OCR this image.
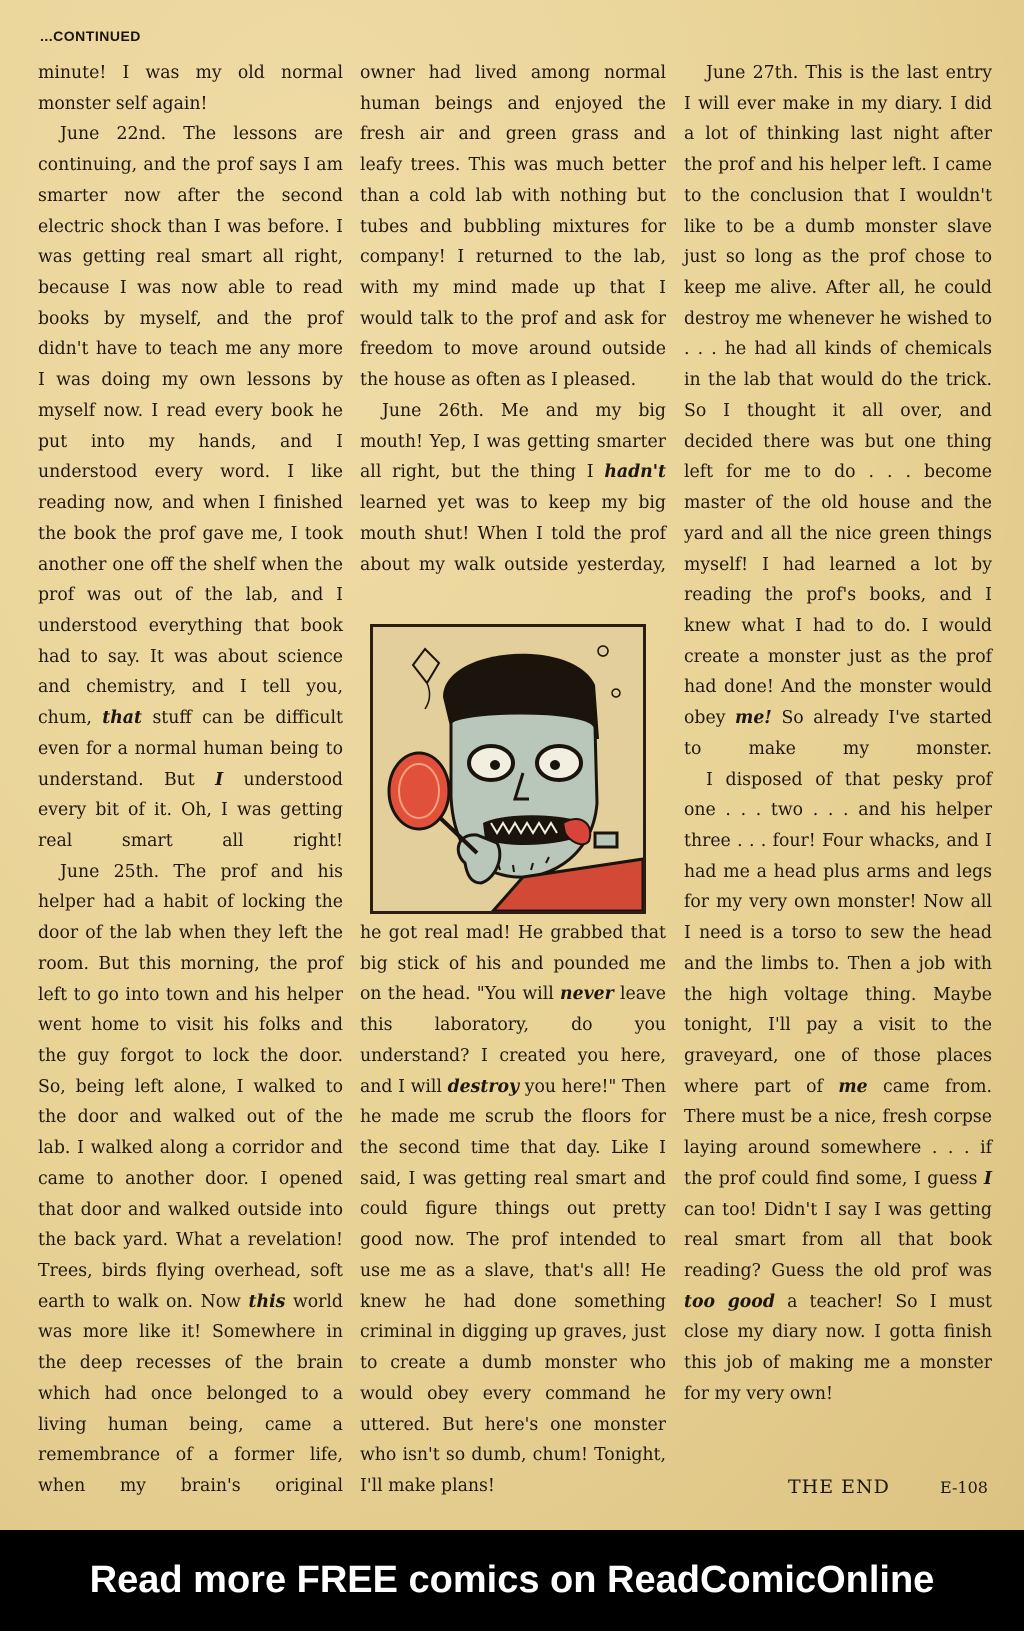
...CONTINUED

minute! I was my old normal monster self again!

June 22nd. The lessons are continuing, and the prof says I am smarter now after the second electric shock than I was before. I was getting real smart all right, because I was now able to read books by myself, and the prof didn't have to teach me any more I was doing my own lessons by myself now. I read every book he put into my hands, and I understood every word. I like reading now, and when I finished the book the prof gave me, I took another one off the shelf when the prof was out of the lab, and I understood everything that book had to say. It was about science and chemistry, and I tell you, chum, that stuff can be difficult even for a normal human being to understand. But I understood every bit of it. Oh, I was getting real smart all right!

June 25th. The prof and his helper had a habit of locking the door of the lab when they left the room. But this morning, the prof left to go into town and his helper went home to visit his folks and the guy forgot to lock the door. So, being left alone, I walked to the door and walked out of the lab. I walked along a corridor and came to another door. I opened that door and walked outside into the back yard. What a revelation! Trees, birds flying overhead, soft earth to walk on. Now this world was more like it! Somewhere in the deep recesses of the brain which had once belonged to a living human being, came a remembrance of a former life, when my brain's original

owner had lived among normal human beings and enjoyed the fresh air and green grass and leafy trees. This was much better than a cold lab with nothing but tubes and bubbling mixtures for company! I returned to the lab, with my mind made up that I would talk to the prof and ask for freedom to move around outside the house as often as I pleased.

June 26th. Me and my big mouth! Yep, I was getting smarter all right, but the thing I hadn't learned yet was to keep my big mouth shut! When I told the prof about my walk outside yesterday,

he got real mad! He grabbed that big stick of his and pounded me on the head. "You will never leave this laboratory, do you understand? I created you here, and I will destroy you here!" Then he made me scrub the floors for the second time that day. Like I said, I was getting real smart and could figure things out pretty good now. The prof intended to use me as a slave, that's all! He knew he had done something criminal in digging up graves, just to create a dumb monster who would obey every command he uttered. But here's one monster who isn't so dumb, chum! Tonight, I'll make plans!

June 27th. This is the last entry I will ever make in my diary. I did a lot of thinking last night after the prof and his helper left. I came to the conclusion that I wouldn't like to be a dumb monster slave just so long as the prof chose to keep me alive. After all, he could destroy me whenever he wished to . . . he had all kinds of chemicals in the lab that would do the trick. So I thought it all over, and decided there was but one thing left for me to do . . . become master of the old house and the yard and all the nice green things myself! I had learned a lot by reading the prof's books, and I knew what I had to do. I would create a monster just as the prof had done! And the monster would obey me! So already I've started to make my monster.

I disposed of that pesky prof one . . . two . . . and his helper three . . . four! Four whacks, and I had me a head plus arms and legs for my very own monster! Now all I need is a torso to sew the head and the limbs to. Then a job with the high voltage thing. Maybe tonight, I'll pay a visit to the graveyard, one of those places where part of me came from. There must be a nice, fresh corpse laying around somewhere . . . if the prof could find some, I guess I can too! Didn't I say I was getting real smart from all that book reading? Guess the old prof was too good a teacher! So I must close my diary now. I gotta finish this job of making me a monster for my very own!

THE END	E-108
Read more FREE comics on ReadComicOnline
